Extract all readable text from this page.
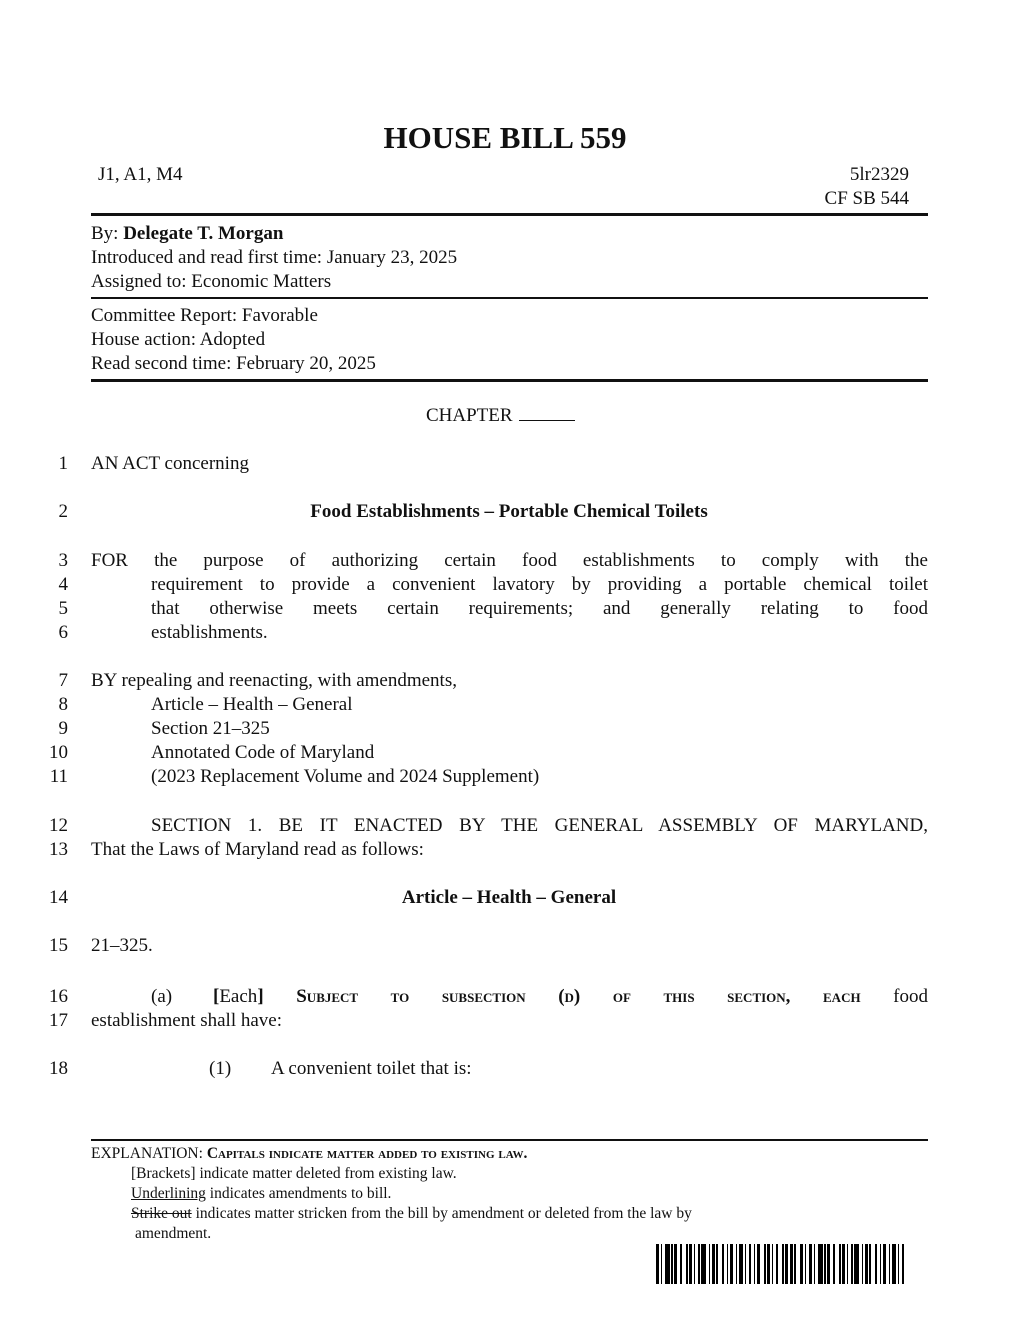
HOUSE BILL 559
J1, A1, M4	5lr2329
CF SB 544
By: Delegate T. Morgan
Introduced and read first time: January 23, 2025
Assigned to: Economic Matters
Committee Report: Favorable
House action: Adopted
Read second time: February 20, 2025
CHAPTER
1
2
3
4
5
6
7
8
9
10
11
12
13
14
15
16
17
18
AN ACT concerning
Food Establishments – Portable Chemical Toilets
FOR the purpose of authorizing certain food establishments to comply with the
requirement to provide a convenient lavatory by providing a portable chemical toilet
that otherwise meets certain requirements; and generally relating to food
establishments.
BY repealing and reenacting, with amendments,
Article – Health – General
Section 21–325
Annotated Code of Maryland
(2023 Replacement Volume and 2024 Supplement)
SECTION 1. BE IT ENACTED BY THE GENERAL ASSEMBLY OF MARYLAND,
That the Laws of Maryland read as follows:
Article – Health – General
21–325.
(a) [Each] Subject to subsection (d) of this section, each food
establishment shall have:
(1) A convenient toilet that is:
EXPLANATION: Capitals indicate matter added to existing law.
[Brackets] indicate matter deleted from existing law.
Underlining indicates amendments to bill.
Strike out indicates matter stricken from the bill by amendment or deleted from the law by
amendment.
